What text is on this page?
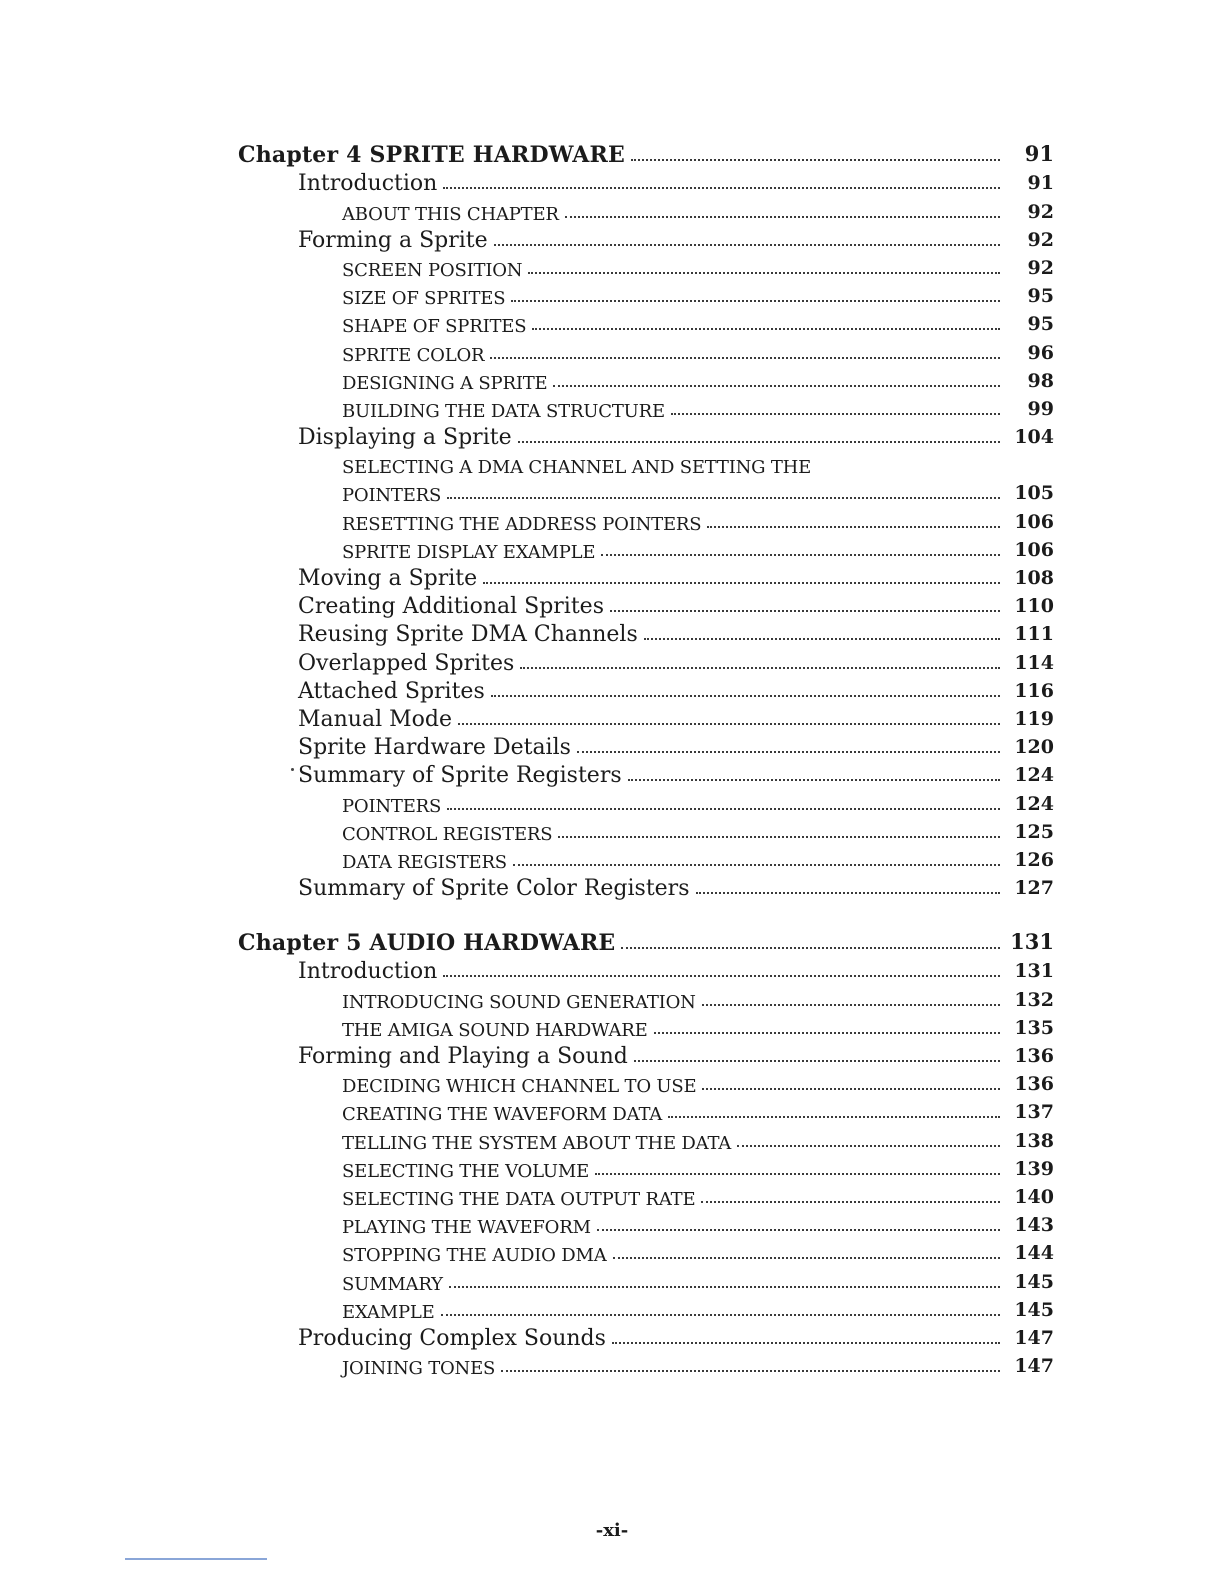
Chapter 4 SPRITE HARDWARE	91
Introduction	91
ABOUT THIS CHAPTER	92
Forming a Sprite	92
SCREEN POSITION	92
SIZE OF SPRITES	95
SHAPE OF SPRITES	95
SPRITE COLOR	96
DESIGNING A SPRITE	98
BUILDING THE DATA STRUCTURE	99
Displaying a Sprite	104
SELECTING A DMA CHANNEL AND SETTING THE
POINTERS	105
RESETTING THE ADDRESS POINTERS	106
SPRITE DISPLAY EXAMPLE	106
Moving a Sprite	108
Creating Additional Sprites	110
Reusing Sprite DMA Channels	111
Overlapped Sprites	114
Attached Sprites	116
Manual Mode	119
Sprite Hardware Details	120
Summary of Sprite Registers	124
POINTERS	124
CONTROL REGISTERS	125
DATA REGISTERS	126
Summary of Sprite Color Registers	127
Chapter 5 AUDIO HARDWARE	131
Introduction	131
INTRODUCING SOUND GENERATION	132
THE AMIGA SOUND HARDWARE	135
Forming and Playing a Sound	136
DECIDING WHICH CHANNEL TO USE	136
CREATING THE WAVEFORM DATA	137
TELLING THE SYSTEM ABOUT THE DATA	138
SELECTING THE VOLUME	139
SELECTING THE DATA OUTPUT RATE	140
PLAYING THE WAVEFORM	143
STOPPING THE AUDIO DMA	144
SUMMARY	145
EXAMPLE	145
Producing Complex Sounds	147
JOINING TONES	147
-xi-
